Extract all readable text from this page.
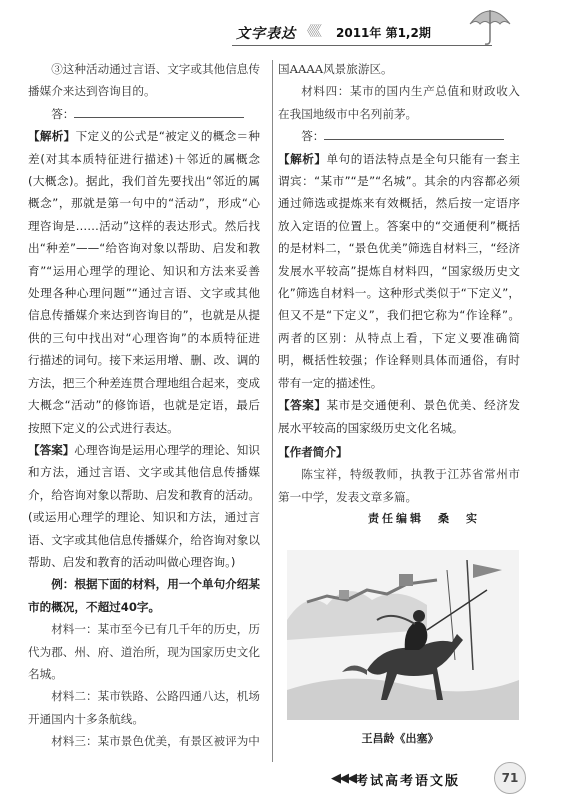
文字表达 《《《 2011年 第1,2期

③这种活动通过言语、文字或其他信息传播媒介来达到咨询目的。

答：

【解析】下定义的公式是“被定义的概念＝种差(对其本质特征进行描述)＋邻近的属概念(大概念)。据此，我们首先要找出“邻近的属概念”，那就是第一句中的“活动”，形成“心理咨询是……活动”这样的表达形式。然后找出“种差”——“给咨询对象以帮助、启发和教育”“运用心理学的理论、知识和方法来妥善处理各种心理问题”“通过言语、文字或其他信息传播媒介来达到咨询目的”，也就是从提供的三句中找出对“心理咨询”的本质特征进行描述的词句。接下来运用增、删、改、调的方法，把三个种差连贯合理地组合起来，变成大概念“活动”的修饰语，也就是定语，最后按照下定义的公式进行表达。

【答案】心理咨询是运用心理学的理论、知识和方法，通过言语、文字或其他信息传播媒介，给咨询对象以帮助、启发和教育的活动。(或运用心理学的理论、知识和方法，通过言语、文字或其他信息传播媒介，给咨询对象以帮助、启发和教育的活动叫做心理咨询。)

例：根据下面的材料，用一个单句介绍某市的概况，不超过40字。

材料一：某市至今已有几千年的历史，历代为郡、州、府、道治所，现为国家历史文化名城。

材料二：某市铁路、公路四通八达，机场开通国内十多条航线。

材料三：某市景色优美，有景区被评为中

国AAAA风景旅游区。

材料四：某市的国内生产总值和财政收入在我国地级市中名列前茅。

答：

【解析】单句的语法特点是全句只能有一套主谓宾：“某市”“是”“名城”。其余的内容都必须通过筛选或提炼来有效概括，然后按一定语序放入定语的位置上。答案中的“交通便利”概括的是材料二，“景色优美”筛选自材料三，“经济发展水平较高”提炼自材料四，“国家级历史文化”筛选自材料一。这种形式类似于“下定义”，但又不是“下定义”，我们把它称为“作诠释”。两者的区别：从特点上看，下定义要准确简明，概括性较强；作诠释则具体而通俗，有时带有一定的描述性。

【答案】某市是交通便利、景色优美、经济发展水平较高的国家级历史文化名城。

【作者简介】

陈宝祥，特级教师，执教于江苏省常州市第一中学，发表文章多篇。

责任编辑　桑　实

王昌龄《出塞》
◀◀◀ 考试高考语文版	71
